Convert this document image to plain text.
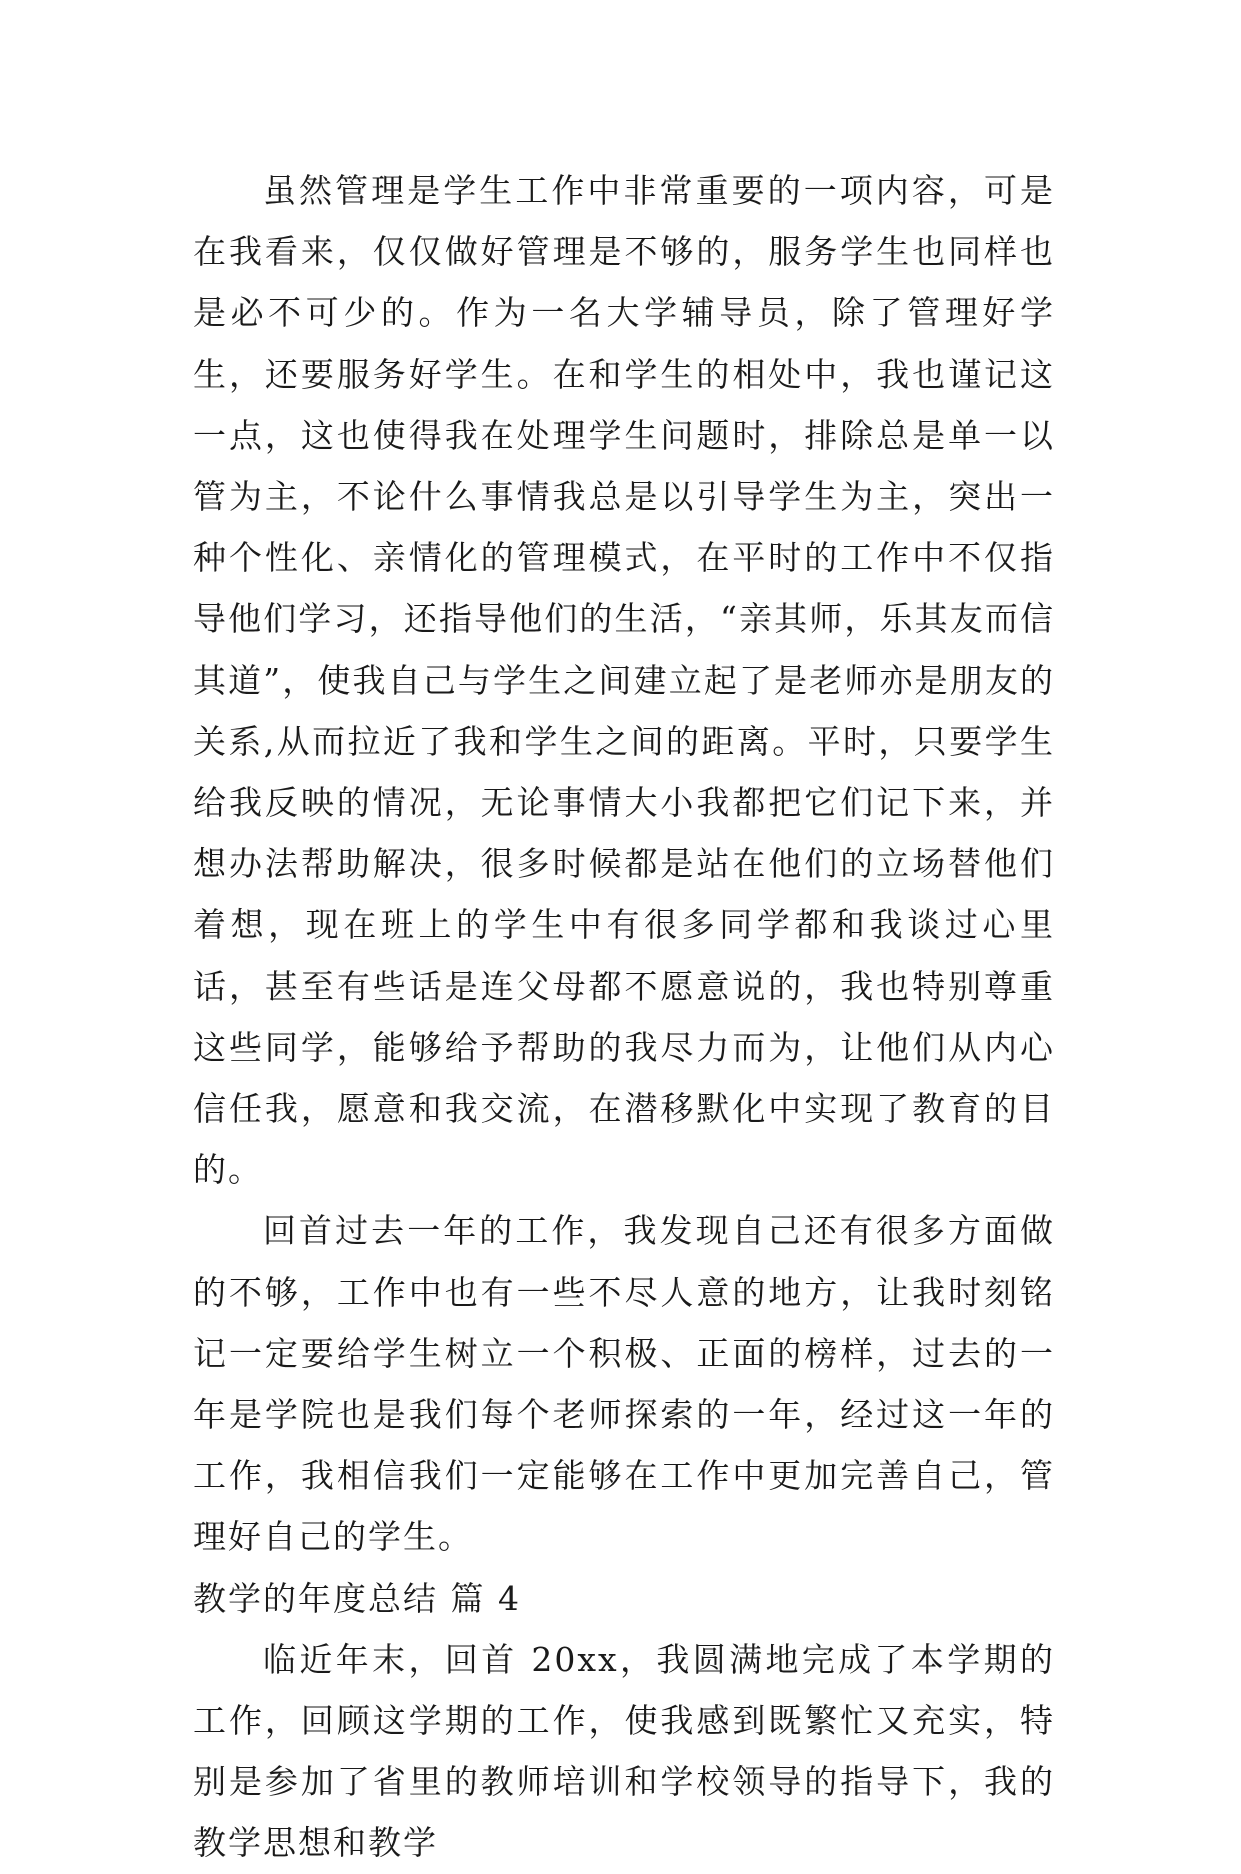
虽然管理是学生工作中非常重要的一项内容，可是在我看来，仅仅做好管理是不够的，服务学生也同样也是必不可少的。作为一名大学辅导员，除了管理好学生，还要服务好学生。在和学生的相处中，我也谨记这一点，这也使得我在处理学生问题时，排除总是单一以管为主，不论什么事情我总是以引导学生为主，突出一种个性化、亲情化的管理模式，在平时的工作中不仅指导他们学习，还指导他们的生活，“亲其师，乐其友而信其道”，使我自己与学生之间建立起了是老师亦是朋友的关系,从而拉近了我和学生之间的距离。平时，只要学生给我反映的情况，无论事情大小我都把它们记下来，并想办法帮助解决，很多时候都是站在他们的立场替他们着想，现在班上的学生中有很多同学都和我谈过心里话，甚至有些话是连父母都不愿意说的，我也特别尊重这些同学，能够给予帮助的我尽力而为，让他们从内心信任我，愿意和我交流，在潜移默化中实现了教育的目的。

回首过去一年的工作，我发现自己还有很多方面做的不够，工作中也有一些不尽人意的地方，让我时刻铭记一定要给学生树立一个积极、正面的榜样，过去的一年是学院也是我们每个老师探索的一年，经过这一年的工作，我相信我们一定能够在工作中更加完善自己，管理好自己的学生。

教学的年度总结 篇 4

临近年末，回首 20xx，我圆满地完成了本学期的工作，回顾这学期的工作，使我感到既繁忙又充实，特别是参加了省里的教师培训和学校领导的指导下，我的教学思想和教学
